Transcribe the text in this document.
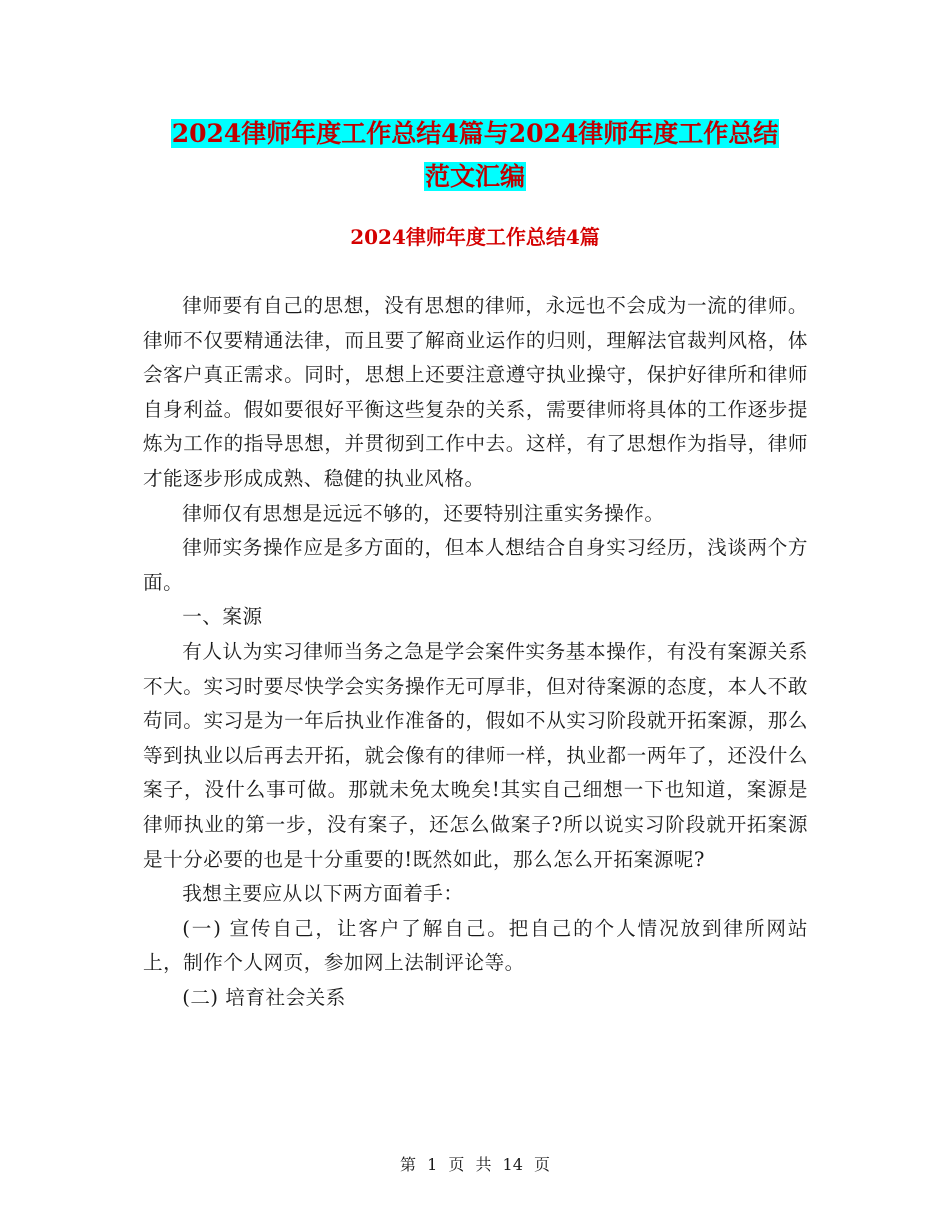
2024律师年度工作总结4篇与2024律师年度工作总结
范文汇编
2024律师年度工作总结4篇

律师要有自己的思想，没有思想的律师，永远也不会成为一流的律师。律师不仅要精通法律，而且要了解商业运作的归则，理解法官裁判风格，体会客户真正需求。同时，思想上还要注意遵守执业操守，保护好律所和律师自身利益。假如要很好平衡这些复杂的关系，需要律师将具体的工作逐步提炼为工作的指导思想，并贯彻到工作中去。这样，有了思想作为指导，律师才能逐步形成成熟、稳健的执业风格。

律师仅有思想是远远不够的，还要特别注重实务操作。

律师实务操作应是多方面的，但本人想结合自身实习经历，浅谈两个方面。

一、案源

有人认为实习律师当务之急是学会案件实务基本操作，有没有案源关系不大。实习时要尽快学会实务操作无可厚非，但对待案源的态度，本人不敢苟同。实习是为一年后执业作准备的，假如不从实习阶段就开拓案源，那么等到执业以后再去开拓，就会像有的律师一样，执业都一两年了，还没什么案子，没什么事可做。那就未免太晚矣!其实自己细想一下也知道，案源是律师执业的第一步，没有案子，还怎么做案子?所以说实习阶段就开拓案源是十分必要的也是十分重要的!既然如此，那么怎么开拓案源呢?

我想主要应从以下两方面着手：

(一) 宣传自己，让客户了解自己。把自己的个人情况放到律所网站上，制作个人网页，参加网上法制评论等。

(二) 培育社会关系

第 1 页 共 14 页
